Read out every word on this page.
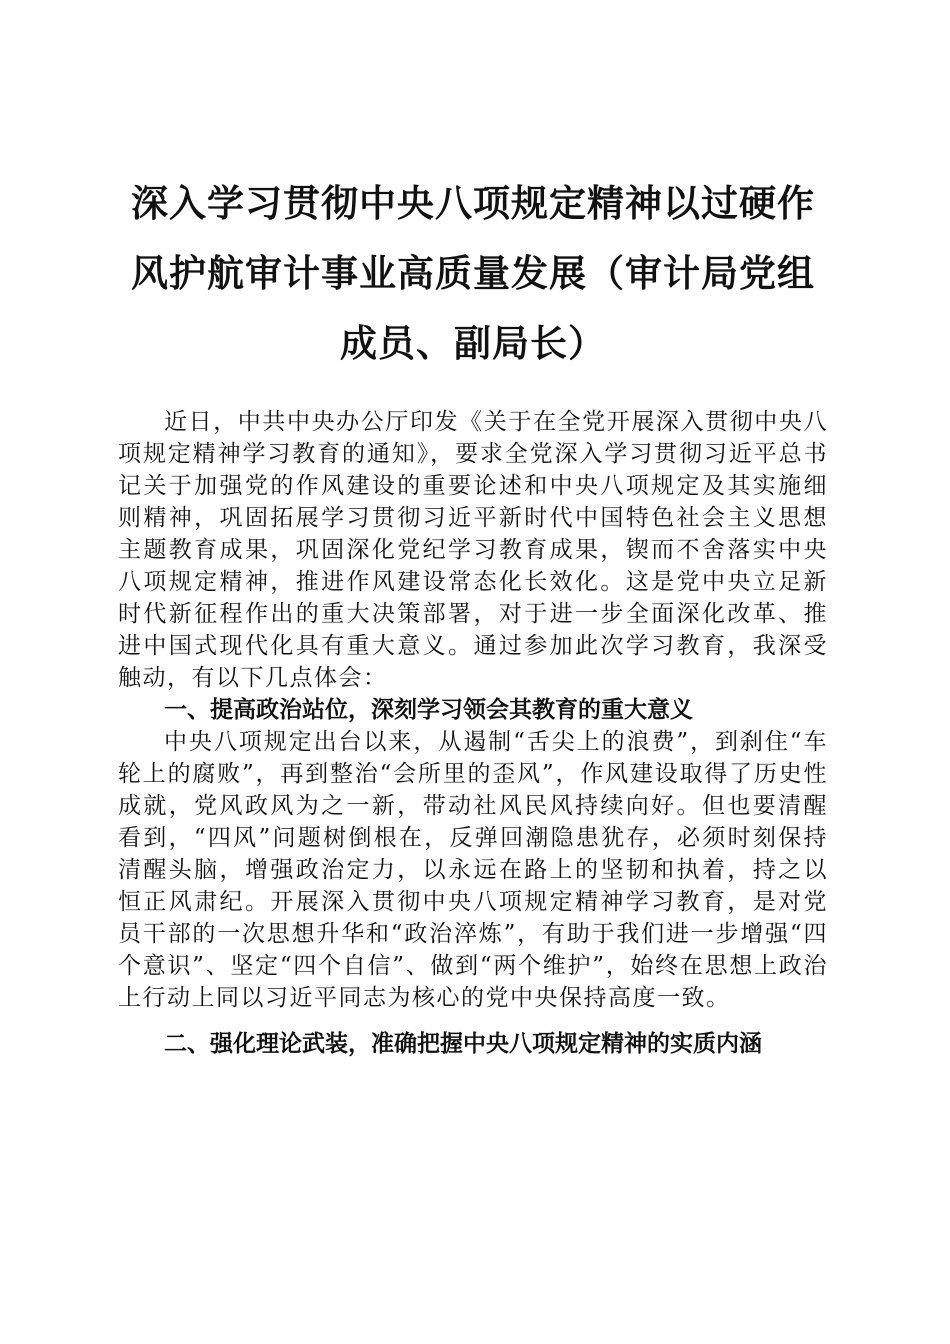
深入学习贯彻中央八项规定精神以过硬作风护航审计事业高质量发展（审计局党组成员、副局长）

近日，中共中央办公厅印发《关于在全党开展深入贯彻中央八项规定精神学习教育的通知》，要求全党深入学习贯彻习近平总书记关于加强党的作风建设的重要论述和中央八项规定及其实施细则精神，巩固拓展学习贯彻习近平新时代中国特色社会主义思想主题教育成果，巩固深化党纪学习教育成果，锲而不舍落实中央八项规定精神，推进作风建设常态化长效化。这是党中央立足新时代新征程作出的重大决策部署，对于进一步全面深化改革、推进中国式现代化具有重大意义。通过参加此次学习教育，我深受触动，有以下几点体会：

一、提高政治站位，深刻学习领会其教育的重大意义

中央八项规定出台以来，从遏制“舌尖上的浪费”，到刹住“车轮上的腐败”，再到整治“会所里的歪风”，作风建设取得了历史性成就，党风政风为之一新，带动社风民风持续向好。但也要清醒看到，“四风”问题树倒根在，反弹回潮隐患犹存，必须时刻保持清醒头脑，增强政治定力，以永远在路上的坚韧和执着，持之以恒正风肃纪。开展深入贯彻中央八项规定精神学习教育，是对党员干部的一次思想升华和“政治淬炼”，有助于我们进一步增强“四个意识”、坚定“四个自信”、做到“两个维护”，始终在思想上政治上行动上同以习近平同志为核心的党中央保持高度一致。

二、强化理论武装，准确把握中央八项规定精神的实质内涵
